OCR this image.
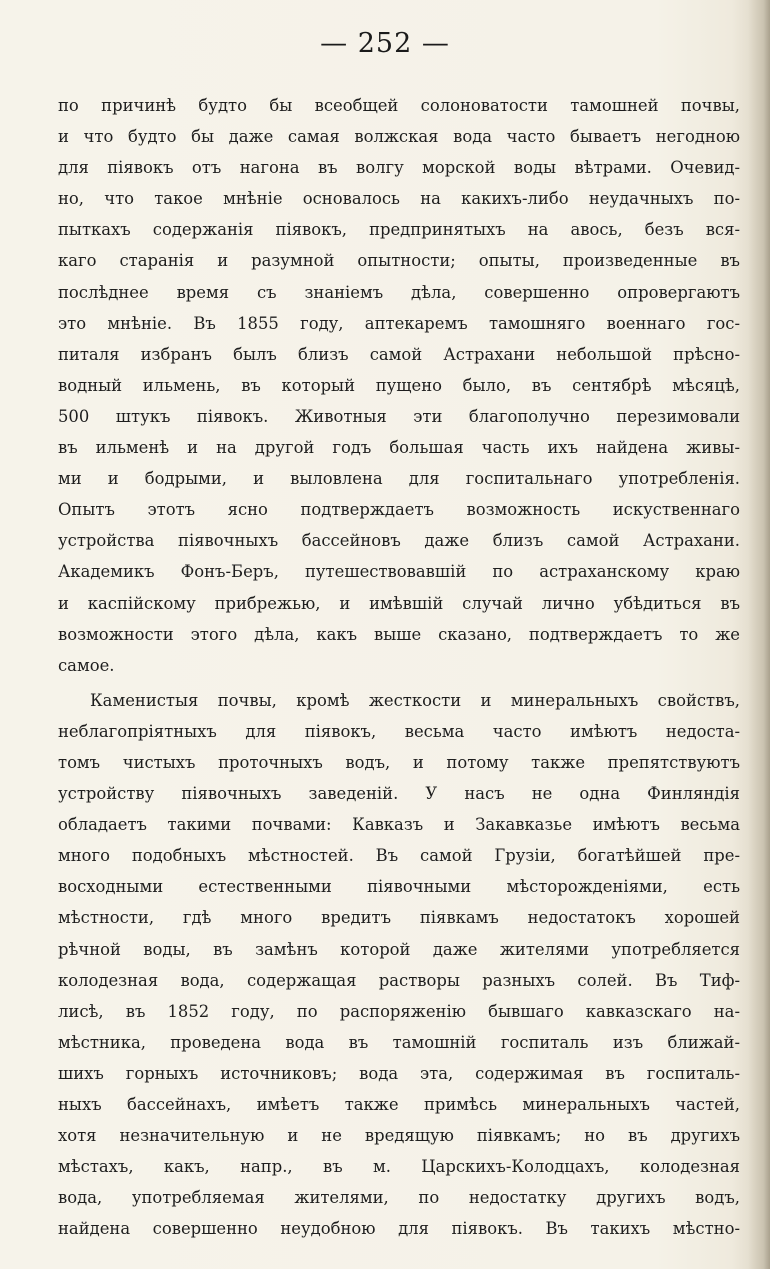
— 252 —
по причинѣ будто бы всеобщей солоноватости тамошней почвы,
и что будто бы даже самая волжская вода часто бываетъ негодною
для піявокъ отъ нагона въ волгу морской воды вѣтрами. Очевид-
но, что такое мнѣніе основалось на какихъ-либо неудачныхъ по-
пыткахъ содержанія піявокъ, предпринятыхъ на авось, безъ вся-
каго старанія и разумной опытности; опыты, произведенные въ
послѣднее время съ знаніемъ дѣла, совершенно опровергаютъ
это мнѣніе. Въ 1855 году, аптекаремъ тамошняго военнаго гос-
питаля избранъ былъ близъ самой Астрахани небольшой прѣсно-
водный ильмень, въ который пущено было, въ сентябрѣ мѣсяцѣ,
500 штукъ піявокъ. Животныя эти благополучно перезимовали
въ ильменѣ и на другой годъ большая часть ихъ найдена живы-
ми и бодрыми, и выловлена для госпитальнаго употребленія.
Опытъ этотъ ясно подтверждаетъ возможность искуственнаго
устройства піявочныхъ бассейновъ даже близъ самой Астрахани.
Академикъ Фонъ-Беръ, путешествовавшій по астраханскому краю
и каспійскому прибрежью, и имѣвшій случай лично убѣдиться въ
возможности этого дѣла, какъ выше сказано, подтверждаетъ то же
самое.
Каменистыя почвы, кромѣ жесткости и минеральныхъ свойствъ,
неблагопріятныхъ для піявокъ, весьма часто имѣютъ недоста-
томъ чистыхъ проточныхъ водъ, и потому также препятствуютъ
устройству піявочныхъ заведеній. У насъ не одна Финляндія
обладаетъ такими почвами: Кавказъ и Закавказье имѣютъ весьма
много подобныхъ мѣстностей. Въ самой Грузіи, богатѣйшей пре-
восходными естественными піявочными мѣсторожденіями, есть
мѣстности, гдѣ много вредитъ піявкамъ недостатокъ хорошей
рѣчной воды, въ замѣнъ которой даже жителями употребляется
колодезная вода, содержащая растворы разныхъ солей. Въ Тиф-
лисѣ, въ 1852 году, по распоряженію бывшаго кавказскаго на-
мѣстника, проведена вода въ тамошній госпиталь изъ ближай-
шихъ горныхъ источниковъ; вода эта, содержимая въ госпиталь-
ныхъ бассейнахъ, имѣетъ также примѣсь минеральныхъ частей,
хотя незначительную и не вредящую піявкамъ; но въ другихъ
мѣстахъ, какъ, напр., въ м. Царскихъ-Колодцахъ, колодезная
вода, употребляемая жителями, по недостатку другихъ водъ,
найдена совершенно неудобною для піявокъ. Въ такихъ мѣстно-
